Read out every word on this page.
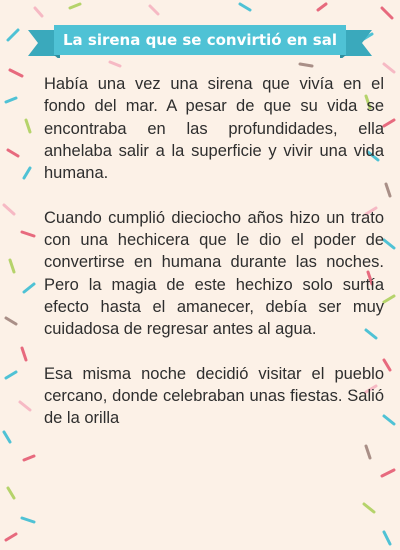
La sirena que se convirtió en sal

Había una vez una sirena que vivía en el fondo del mar. A pesar de que su vida se encontraba en las profundidades, ella anhelaba salir a la superficie y vivir una vida humana.

Cuando cumplió dieciocho años hizo un trato con una hechicera que le dio el poder de convertirse en humana durante las noches. Pero la magia de este hechizo solo surtía efecto hasta el amanecer, debía ser muy cuidadosa de regresar antes al agua.

Esa misma noche decidió visitar el pueblo cercano, donde celebraban unas fiestas. Salió de la orilla
